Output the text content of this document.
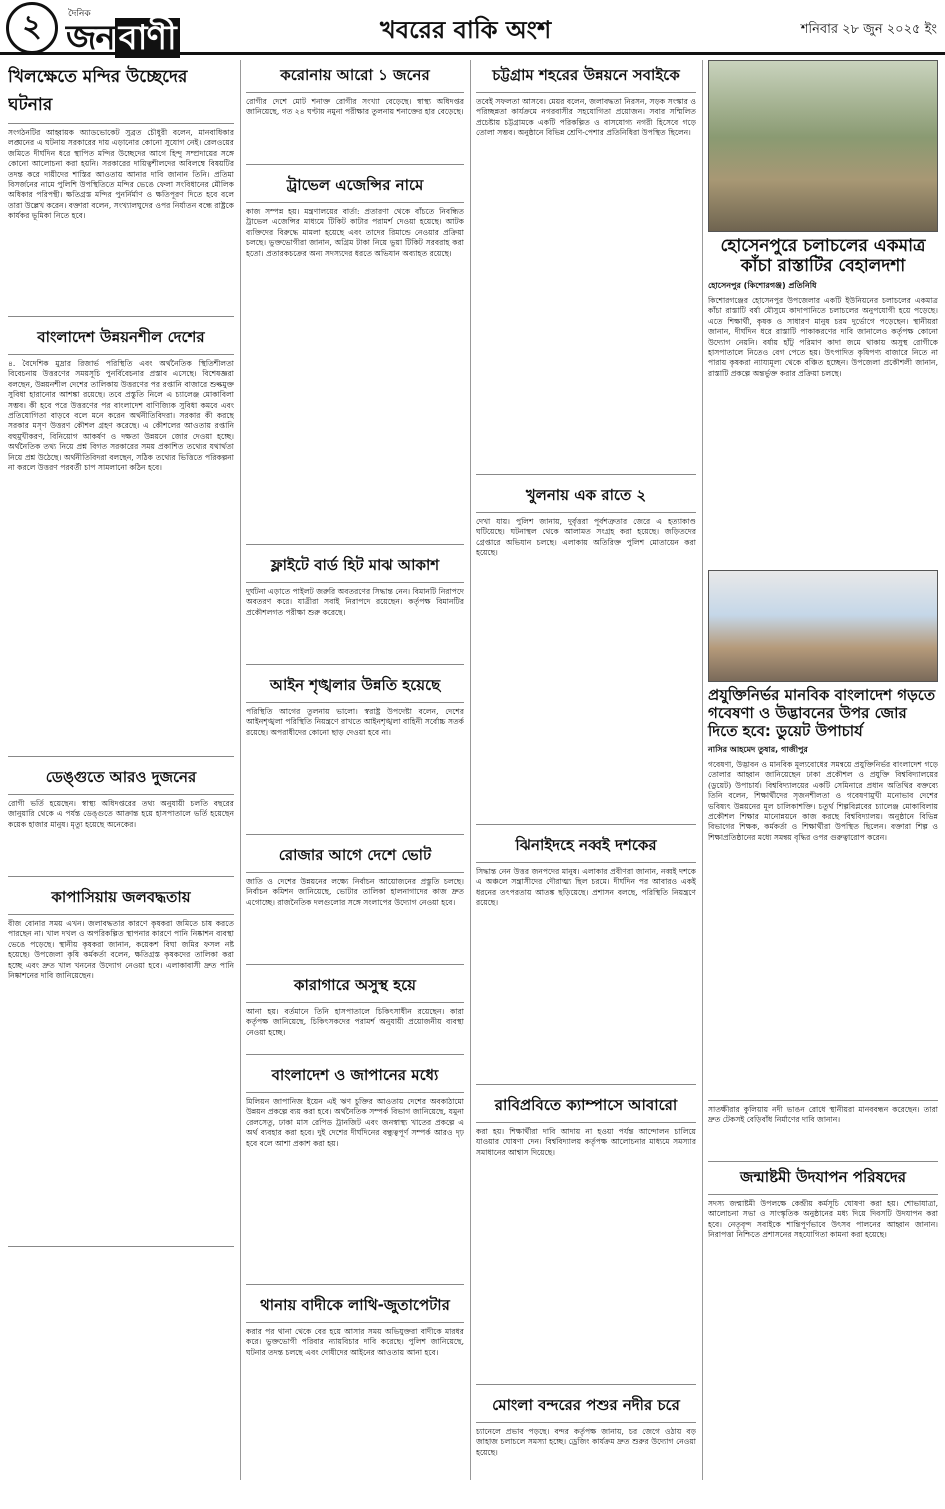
২	দৈনিক
জন বাণী	খবরের বাকি অংশ	শনিবার ২৮ জুন ২০২৫ ইং
খিলক্ষেতে মন্দির উচ্ছেদের ঘটনার

সংগঠনটির আহ্বায়ক অ্যাডভোকেট সুব্রত চৌধুরী বলেন, মানবাধিকার লঙ্ঘনের এ ঘটনায় সরকারের দায় এড়ানোর কোনো সুযোগ নেই। রেলওয়ের জমিতে দীর্ঘদিন ধরে স্থাপিত মন্দির উচ্ছেদের আগে হিন্দু সম্প্রদায়ের সঙ্গে কোনো আলোচনা করা হয়নি। সরকারের দায়িত্বশীলদের অবিলম্বে বিষয়টির তদন্ত করে দায়ীদের শাস্তির আওতায় আনার দাবি জানান তিনি। প্রতিমা বিসর্জনের নামে পুলিশি উপস্থিতিতে মন্দির ভেঙে ফেলা সংবিধানের মৌলিক অধিকার পরিপন্থী। ক্ষতিগ্রস্ত মন্দির পুনর্নির্মাণ ও ক্ষতিপূরণ দিতে হবে বলে তারা উল্লেখ করেন। বক্তারা বলেন, সংখ্যালঘুদের ওপর নির্যাতন বন্ধে রাষ্ট্রকে কার্যকর ভূমিকা নিতে হবে।

বাংলাদেশ উন্নয়নশীল দেশের

৪. বৈদেশিক মুদ্রার রিজার্ভ পরিস্থিতি এবং অর্থনৈতিক স্থিতিশীলতা বিবেচনায় উত্তরণের সময়সূচি পুনর্বিবেচনার প্রস্তাব এসেছে। বিশেষজ্ঞরা বলছেন, উন্নয়নশীল দেশের তালিকায় উত্তরণের পর রপ্তানি বাজারে শুল্কমুক্ত সুবিধা হারানোর আশঙ্কা রয়েছে। তবে প্রস্তুতি নিলে এ চ্যালেঞ্জ মোকাবিলা সম্ভব। কী হবে পরে উত্তরণের পর বাংলাদেশ বাণিজ্যিক সুবিধা কমবে এবং প্রতিযোগিতা বাড়বে বলে মনে করেন অর্থনীতিবিদরা। সরকার কী করছে সরকার মসৃণ উত্তরণ কৌশল গ্রহণ করেছে। এ কৌশলের আওতায় রপ্তানি বহুমুখীকরণ, বিনিয়োগ আকর্ষণ ও দক্ষতা উন্নয়নে জোর দেওয়া হচ্ছে। অর্থনৈতিক তথ্য নিয়ে প্রশ্ন বিগত সরকারের সময় প্রকাশিত তথ্যের যথার্থতা নিয়ে প্রশ্ন উঠেছে। অর্থনীতিবিদরা বলছেন, সঠিক তথ্যের ভিত্তিতে পরিকল্পনা না করলে উত্তরণ পরবর্তী চাপ সামলানো কঠিন হবে।

ডেঙ্গুতে আরও দুজনের

রোগী ভর্তি হয়েছেন। স্বাস্থ্য অধিদপ্তরের তথ্য অনুযায়ী চলতি বছরের জানুয়ারি থেকে এ পর্যন্ত ডেঙ্গুতে আক্রান্ত হয়ে হাসপাতালে ভর্তি হয়েছেন কয়েক হাজার মানুষ। মৃত্যু হয়েছে অনেকের।

কাপাসিয়ায় জলবদ্ধতায়

বীজ বোনার সময় এখন। জলাবদ্ধতার কারণে কৃষকরা জমিতে চাষ করতে পারছেন না। খাল দখল ও অপরিকল্পিত স্থাপনার কারণে পানি নিষ্কাশন ব্যবস্থা ভেঙে পড়েছে। স্থানীয় কৃষকরা জানান, কয়েকশ বিঘা জমির ফসল নষ্ট হয়েছে। উপজেলা কৃষি কর্মকর্তা বলেন, ক্ষতিগ্রস্ত কৃষকদের তালিকা করা হচ্ছে এবং দ্রুত খাল খননের উদ্যোগ নেওয়া হবে। এলাকাবাসী দ্রুত পানি নিষ্কাশনের দাবি জানিয়েছেন।

করোনায় আরো ১ জনের

রোগীর দেশে মোট শনাক্ত রোগীর সংখ্যা বেড়েছে। স্বাস্থ্য অধিদপ্তর জানিয়েছে, গত ২৪ ঘণ্টায় নমুনা পরীক্ষার তুলনায় শনাক্তের হার বেড়েছে।

ট্রাভেল এজেন্সির নামে

কাজ সম্পন্ন হয়। মন্ত্রণালয়ের বার্তা: প্রতারণা থেকে বাঁচতে নিবন্ধিত ট্রাভেল এজেন্সির মাধ্যমে টিকিট কাটার পরামর্শ দেওয়া হয়েছে। আটক ব্যক্তিদের বিরুদ্ধে মামলা হয়েছে এবং তাদের রিমান্ডে নেওয়ার প্রক্রিয়া চলছে। ভুক্তভোগীরা জানান, অগ্রিম টাকা নিয়ে ভুয়া টিকিট সরবরাহ করা হতো। প্রতারকচক্রের অন্য সদস্যদের ধরতে অভিযান অব্যাহত রয়েছে।

ফ্লাইটে বার্ড হিট মাঝ আকাশ

দুর্ঘটনা এড়াতে পাইলট জরুরি অবতরণের সিদ্ধান্ত নেন। বিমানটি নিরাপদে অবতরণ করে। যাত্রীরা সবাই নিরাপদে রয়েছেন। কর্তৃপক্ষ বিমানটির প্রকৌশলগত পরীক্ষা শুরু করেছে।

আইন শৃঙ্খলার উন্নতি হয়েছে

পরিস্থিতি আগের তুলনায় ভালো। স্বরাষ্ট্র উপদেষ্টা বলেন, দেশের আইনশৃঙ্খলা পরিস্থিতি নিয়ন্ত্রণে রাখতে আইনশৃঙ্খলা বাহিনী সর্বোচ্চ সতর্ক রয়েছে। অপরাধীদের কোনো ছাড় দেওয়া হবে না।

রোজার আগে দেশে ভোট

জাতি ও দেশের উন্নয়নের লক্ষ্যে নির্বাচন আয়োজনের প্রস্তুতি চলছে। নির্বাচন কমিশন জানিয়েছে, ভোটার তালিকা হালনাগাদের কাজ দ্রুত এগোচ্ছে। রাজনৈতিক দলগুলোর সঙ্গে সংলাপের উদ্যোগ নেওয়া হবে।

কারাগারে অসুস্থ হয়ে

আনা হয়। বর্তমানে তিনি হাসপাতালে চিকিৎসাধীন রয়েছেন। কারা কর্তৃপক্ষ জানিয়েছে, চিকিৎসকদের পরামর্শ অনুযায়ী প্রয়োজনীয় ব্যবস্থা নেওয়া হচ্ছে।

বাংলাদেশ ও জাপানের মধ্যে

মিলিয়ন জাপানিজ ইয়েন এই ঋণ চুক্তির আওতায় দেশের অবকাঠামো উন্নয়ন প্রকল্পে ব্যয় করা হবে। অর্থনৈতিক সম্পর্ক বিভাগ জানিয়েছে, যমুনা রেলসেতু, ঢাকা মাস রেপিড ট্রানজিট এবং জনস্বাস্থ্য খাতের প্রকল্পে এ অর্থ ব্যবহার করা হবে। দুই দেশের দীর্ঘদিনের বন্ধুত্বপূর্ণ সম্পর্ক আরও দৃঢ় হবে বলে আশা প্রকাশ করা হয়।

থানায় বাদীকে লাথি-জুতাপেটার

করার পর থানা থেকে বের হয়ে আসার সময় অভিযুক্তরা বাদীকে মারধর করে। ভুক্তভোগী পরিবার ন্যায়বিচার দাবি করেছে। পুলিশ জানিয়েছে, ঘটনার তদন্ত চলছে এবং দোষীদের আইনের আওতায় আনা হবে।

চট্টগ্রাম শহরের উন্নয়নে সবাইকে

তবেই সফলতা আসবে। মেয়র বলেন, জলাবদ্ধতা নিরসন, সড়ক সংস্কার ও পরিচ্ছন্নতা কার্যক্রমে নগরবাসীর সহযোগিতা প্রয়োজন। সবার সম্মিলিত প্রচেষ্টায় চট্টগ্রামকে একটি পরিকল্পিত ও বাসযোগ্য নগরী হিসেবে গড়ে তোলা সম্ভব। অনুষ্ঠানে বিভিন্ন শ্রেণি-পেশার প্রতিনিধিরা উপস্থিত ছিলেন।

খুলনায় এক রাতে ২

দেখা যায়। পুলিশ জানায়, দুর্বৃত্তরা পূর্বশত্রুতার জেরে এ হত্যাকাণ্ড ঘটিয়েছে। ঘটনাস্থল থেকে আলামত সংগ্রহ করা হয়েছে। জড়িতদের গ্রেপ্তারে অভিযান চলছে। এলাকায় অতিরিক্ত পুলিশ মোতায়েন করা হয়েছে।

ঝিনাইদহে নব্বই দশকের

সিদ্ধান্ত নেন উত্তর জনপদের মানুষ। এলাকার প্রবীণরা জানান, নব্বই দশকে এ অঞ্চলে সন্ত্রাসীদের দৌরাত্ম্য ছিল চরমে। দীর্ঘদিন পর আবারও একই ধরনের তৎপরতায় আতঙ্ক ছড়িয়েছে। প্রশাসন বলছে, পরিস্থিতি নিয়ন্ত্রণে রয়েছে।

রাবিপ্রবিতে ক্যাম্পাসে আবারো

করা হয়। শিক্ষার্থীরা দাবি আদায় না হওয়া পর্যন্ত আন্দোলন চালিয়ে যাওয়ার ঘোষণা দেন। বিশ্ববিদ্যালয় কর্তৃপক্ষ আলোচনার মাধ্যমে সমস্যার সমাধানের আশ্বাস দিয়েছে।

মোংলা বন্দরের পশুর নদীর চরে

চ্যানেলে প্রভাব পড়ছে। বন্দর কর্তৃপক্ষ জানায়, চর জেগে ওঠায় বড় জাহাজ চলাচলে সমস্যা হচ্ছে। ড্রেজিং কার্যক্রম দ্রুত শুরুর উদ্যোগ নেওয়া হয়েছে।

হোসেনপুরে চলাচলের একমাত্র কাঁচা রাস্তাটির বেহালদশা
হোসেনপুর (কিশোরগঞ্জ) প্রতিনিধি

কিশোরগঞ্জের হোসেনপুর উপজেলার একটি ইউনিয়নের চলাচলের একমাত্র কাঁচা রাস্তাটি বর্ষা মৌসুমে কাদাপানিতে চলাচলের অনুপযোগী হয়ে পড়েছে। এতে শিক্ষার্থী, কৃষক ও সাধারণ মানুষ চরম দুর্ভোগে পড়েছেন। স্থানীয়রা জানান, দীর্ঘদিন ধরে রাস্তাটি পাকাকরণের দাবি জানালেও কর্তৃপক্ষ কোনো উদ্যোগ নেয়নি। বর্ষায় হাঁটু পরিমাণ কাদা জমে থাকায় অসুস্থ রোগীকে হাসপাতালে নিতেও বেগ পেতে হয়। উৎপাদিত কৃষিপণ্য বাজারে নিতে না পারায় কৃষকরা ন্যায্যমূল্য থেকে বঞ্চিত হচ্ছেন। উপজেলা প্রকৌশলী জানান, রাস্তাটি প্রকল্পে অন্তর্ভুক্ত করার প্রক্রিয়া চলছে।

প্রযুক্তিনির্ভর মানবিক বাংলাদেশ গড়তে গবেষণা ও উদ্ভাবনের উপর জোর দিতে হবে: ডুয়েট উপাচার্য
নাসির আহমেদ তুষার, গাজীপুর

গবেষণা, উদ্ভাবন ও মানবিক মূল্যবোধের সমন্বয়ে প্রযুক্তিনির্ভর বাংলাদেশ গড়ে তোলার আহ্বান জানিয়েছেন ঢাকা প্রকৌশল ও প্রযুক্তি বিশ্ববিদ্যালয়ের (ডুয়েট) উপাচার্য। বিশ্ববিদ্যালয়ের একটি সেমিনারে প্রধান অতিথির বক্তব্যে তিনি বলেন, শিক্ষার্থীদের সৃজনশীলতা ও গবেষণামুখী মনোভাব দেশের ভবিষ্যৎ উন্নয়নের মূল চালিকাশক্তি। চতুর্থ শিল্পবিপ্লবের চ্যালেঞ্জ মোকাবিলায় প্রকৌশল শিক্ষার মানোন্নয়নে কাজ করছে বিশ্ববিদ্যালয়। অনুষ্ঠানে বিভিন্ন বিভাগের শিক্ষক, কর্মকর্তা ও শিক্ষার্থীরা উপস্থিত ছিলেন। বক্তারা শিল্প ও শিক্ষাপ্রতিষ্ঠানের মধ্যে সমন্বয় বৃদ্ধির ওপর গুরুত্বারোপ করেন।

সাতক্ষীরার কুলিয়ায় নদী ভাঙন রোধে স্থানীয়রা মানববন্ধন করেছেন। তারা দ্রুত টেকসই বেড়িবাঁধ নির্মাণের দাবি জানান।

জন্মাষ্টমী উদযাপন পরিষদের

সদস্য জন্মাষ্টমী উপলক্ষে কেন্দ্রীয় কর্মসূচি ঘোষণা করা হয়। শোভাযাত্রা, আলোচনা সভা ও সাংস্কৃতিক অনুষ্ঠানের মধ্য দিয়ে দিবসটি উদযাপন করা হবে। নেতৃবৃন্দ সবাইকে শান্তিপূর্ণভাবে উৎসব পালনের আহ্বান জানান। নিরাপত্তা নিশ্চিতে প্রশাসনের সহযোগিতা কামনা করা হয়েছে।
